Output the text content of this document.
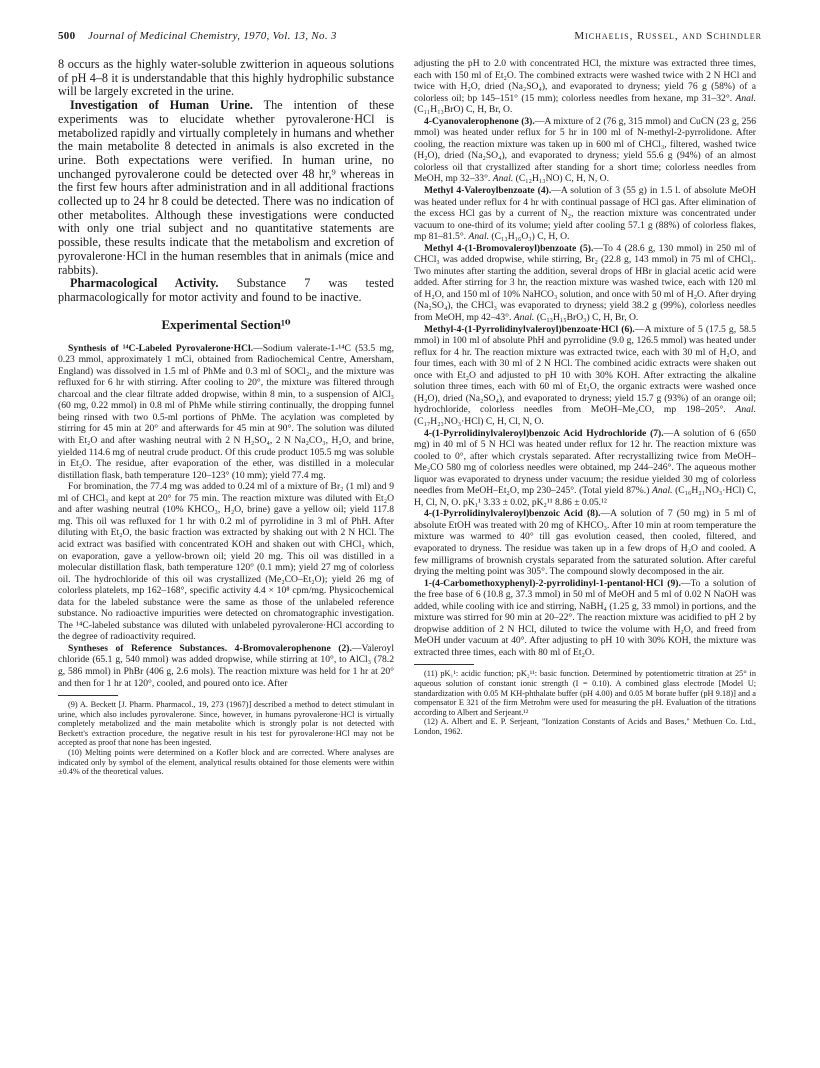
500 Journal of Medicinal Chemistry, 1970, Vol. 13, No. 3	Michaelis, Russel, and Schindler

8 occurs as the highly water-soluble zwitterion in aqueous solutions of pH 4–8 it is understandable that this highly hydrophilic substance will be largely excreted in the urine.

Investigation of Human Urine. The intention of these experiments was to elucidate whether pyrovalerone·HCl is metabolized rapidly and virtually completely in humans and whether the main metabolite 8 detected in animals is also excreted in the urine. Both expectations were verified. In human urine, no unchanged pyrovalerone could be detected over 48 hr,⁹ whereas in the first few hours after administration and in all additional fractions collected up to 24 hr 8 could be detected. There was no indication of other metabolites. Although these investigations were conducted with only one trial subject and no quantitative statements are possible, these results indicate that the metabolism and excretion of pyrovalerone·HCl in the human resembles that in animals (mice and rabbits).

Pharmacological Activity. Substance 7 was tested pharmacologically for motor activity and found to be inactive.

Experimental Section¹⁰

Synthesis of ¹⁴C-Labeled Pyrovalerone·HCl.—Sodium valerate-1-¹⁴C (53.5 mg, 0.23 mmol, approximately 1 mCi, obtained from Radiochemical Centre, Amersham, England) was dissolved in 1.5 ml of PhMe and 0.3 ml of SOCl₂, and the mixture was refluxed for 6 hr with stirring. After cooling to 20°, the mixture was filtered through charcoal and the clear filtrate added dropwise, within 8 min, to a suspension of AlCl₃ (60 mg, 0.22 mmol) in 0.8 ml of PhMe while stirring continually, the dropping funnel being rinsed with two 0.5-ml portions of PhMe. The acylation was completed by stirring for 45 min at 20° and afterwards for 45 min at 90°. The solution was diluted with Et₂O and after washing neutral with 2 N H₂SO₄, 2 N Na₂CO₃, H₂O, and brine, yielded 114.6 mg of neutral crude product. Of this crude product 105.5 mg was soluble in Et₂O. The residue, after evaporation of the ether, was distilled in a molecular distillation flask, bath temperature 120–123° (10 mm); yield 77.4 mg.

For bromination, the 77.4 mg was added to 0.24 ml of a mixture of Br₂ (1 ml) and 9 ml of CHCl₃ and kept at 20° for 75 min. The reaction mixture was diluted with Et₂O and after washing neutral (10% KHCO₃, H₂O, brine) gave a yellow oil; yield 117.8 mg. This oil was refluxed for 1 hr with 0.2 ml of pyrrolidine in 3 ml of PhH. After diluting with Et₂O, the basic fraction was extracted by shaking out with 2 N HCl. The acid extract was basified with concentrated KOH and shaken out with CHCl₃ which, on evaporation, gave a yellow-brown oil; yield 20 mg. This oil was distilled in a molecular distillation flask, bath temperature 120° (0.1 mm); yield 27 mg of colorless oil. The hydrochloride of this oil was crystallized (Me₂CO–Et₂O); yield 26 mg of colorless platelets, mp 162–168°, specific activity 4.4 × 10⁸ cpm/mg. Physicochemical data for the labeled substance were the same as those of the unlabeled reference substance. No radioactive impurities were detected on chromatographic investigation. The ¹⁴C-labeled substance was diluted with unlabeled pyrovalerone·HCl according to the degree of radioactivity required.

Syntheses of Reference Substances. 4-Bromovalerophenone (2).—Valeroyl chloride (65.1 g, 540 mmol) was added dropwise, while stirring at 10°, to AlCl₃ (78.2 g, 586 mmol) in PhBr (406 g, 2.6 mols). The reaction mixture was held for 1 hr at 20° and then for 1 hr at 120°, cooled, and poured onto ice. After

(9) A. Beckett [J. Pharm. Pharmacol., 19, 273 (1967)] described a method to detect stimulant in urine, which also includes pyrovalerone. Since, however, in humans pyrovalerone·HCl is virtually completely metabolized and the main metabolite which is strongly polar is not detected with Beckett's extraction procedure, the negative result in his test for pyrovalerone·HCl may not be accepted as proof that none has been ingested.

(10) Melting points were determined on a Kofler block and are corrected. Where analyses are indicated only by symbol of the element, analytical results obtained for those elements were within ±0.4% of the theoretical values.

adjusting the pH to 2.0 with concentrated HCl, the mixture was extracted three times, each with 150 ml of Et₂O. The combined extracts were washed twice with 2 N HCl and twice with H₂O, dried (Na₂SO₄), and evaporated to dryness; yield 76 g (58%) of a colorless oil; bp 145–151° (15 mm); colorless needles from hexane, mp 31–32°. Anal. (C₁₁H₁₃BrO) C, H, Br, O.

4-Cyanovalerophenone (3).—A mixture of 2 (76 g, 315 mmol) and CuCN (23 g, 256 mmol) was heated under reflux for 5 hr in 100 ml of N-methyl-2-pyrrolidone. After cooling, the reaction mixture was taken up in 600 ml of CHCl₃, filtered, washed twice (H₂O), dried (Na₂SO₄), and evaporated to dryness; yield 55.6 g (94%) of an almost colorless oil that crystallized after standing for a short time; colorless needles from MeOH, mp 32–33°. Anal. (C₁₂H₁₃NO) C, H, N, O.

Methyl 4-Valeroylbenzoate (4).—A solution of 3 (55 g) in 1.5 l. of absolute MeOH was heated under reflux for 4 hr with continual passage of HCl gas. After elimination of the excess HCl gas by a current of N₂, the reaction mixture was concentrated under vacuum to one-third of its volume; yield after cooling 57.1 g (88%) of colorless flakes, mp 81–81.5°. Anal. (C₁₃H₁₆O₃) C, H, O.

Methyl 4-(1-Bromovaleroyl)benzoate (5).—To 4 (28.6 g, 130 mmol) in 250 ml of CHCl₃ was added dropwise, while stirring, Br₂ (22.8 g, 143 mmol) in 75 ml of CHCl₃. Two minutes after starting the addition, several drops of HBr in glacial acetic acid were added. After stirring for 3 hr, the reaction mixture was washed twice, each with 120 ml of H₂O, and 150 ml of 10% NaHCO₃ solution, and once with 50 ml of H₂O. After drying (Na₂SO₄), the CHCl₃ was evaporated to dryness; yield 38.2 g (99%), colorless needles from MeOH, mp 42–43°. Anal. (C₁₃H₁₅BrO₃) C, H, Br, O.

Methyl-4-(1-Pyrrolidinylvaleroyl)benzoate·HCl (6).—A mixture of 5 (17.5 g, 58.5 mmol) in 100 ml of absolute PhH and pyrrolidine (9.0 g, 126.5 mmol) was heated under reflux for 4 hr. The reaction mixture was extracted twice, each with 30 ml of H₂O, and four times, each with 30 ml of 2 N HCl. The combined acidic extracts were shaken out once with Et₂O and adjusted to pH 10 with 30% KOH. After extracting the alkaline solution three times, each with 60 ml of Et₂O, the organic extracts were washed once (H₂O), dried (Na₂SO₄), and evaporated to dryness; yield 15.7 g (93%) of an orange oil; hydrochloride, colorless needles from MeOH–Me₂CO, mp 198–205°. Anal. (C₁₇H₂₃NO₃·HCl) C, H, Cl, N, O.

4-(1-Pyrrolidinylvaleroyl)benzoic Acid Hydrochloride (7).—A solution of 6 (650 mg) in 40 ml of 5 N HCl was heated under reflux for 12 hr. The reaction mixture was cooled to 0°, after which crystals separated. After recrystallizing twice from MeOH–Me₂CO 580 mg of colorless needles were obtained, mp 244–246°. The aqueous mother liquor was evaporated to dryness under vacuum; the residue yielded 30 mg of colorless needles from MeOH–Et₂O, mp 230–245°. (Total yield 87%.) Anal. (C₁₆H₂₁NO₃·HCl) C, H, Cl, N, O. pK₁¹ 3.33 ± 0.02, pK₂¹¹ 8.86 ± 0.05.¹²

4-(1-Pyrrolidinylvaleroyl)benzoic Acid (8).—A solution of 7 (50 mg) in 5 ml of absolute EtOH was treated with 20 mg of KHCO₃. After 10 min at room temperature the mixture was warmed to 40° till gas evolution ceased, then cooled, filtered, and evaporated to dryness. The residue was taken up in a few drops of H₂O and cooled. A few milligrams of brownish crystals separated from the saturated solution. After careful drying the melting point was 305°. The compound slowly decomposed in the air.

1-(4-Carbomethoxyphenyl)-2-pyrrolidinyl-1-pentanol·HCl (9).—To a solution of the free base of 6 (10.8 g, 37.3 mmol) in 50 ml of MeOH and 5 ml of 0.02 N NaOH was added, while cooling with ice and stirring, NaBH₄ (1.25 g, 33 mmol) in portions, and the mixture was stirred for 90 min at 20–22°. The reaction mixture was acidified to pH 2 by dropwise addition of 2 N HCl, diluted to twice the volume with H₂O, and freed from MeOH under vacuum at 40°. After adjusting to pH 10 with 30% KOH, the mixture was extracted three times, each with 80 ml of Et₂O.

(11) pK₁¹: acidic function; pK₂¹¹: basic function. Determined by potentiometric titration at 25° in aqueous solution of constant ionic strength (I = 0.10). A combined glass electrode [Model U; standardization with 0.05 M KH-phthalate buffer (pH 4.00) and 0.05 M borate buffer (pH 9.18)] and a compensator E 321 of the firm Metrohm were used for measuring the pH. Evaluation of the titrations according to Albert and Serjeant.¹²

(12) A. Albert and E. P. Serjeant, "Ionization Constants of Acids and Bases," Methuen Co. Ltd., London, 1962.
